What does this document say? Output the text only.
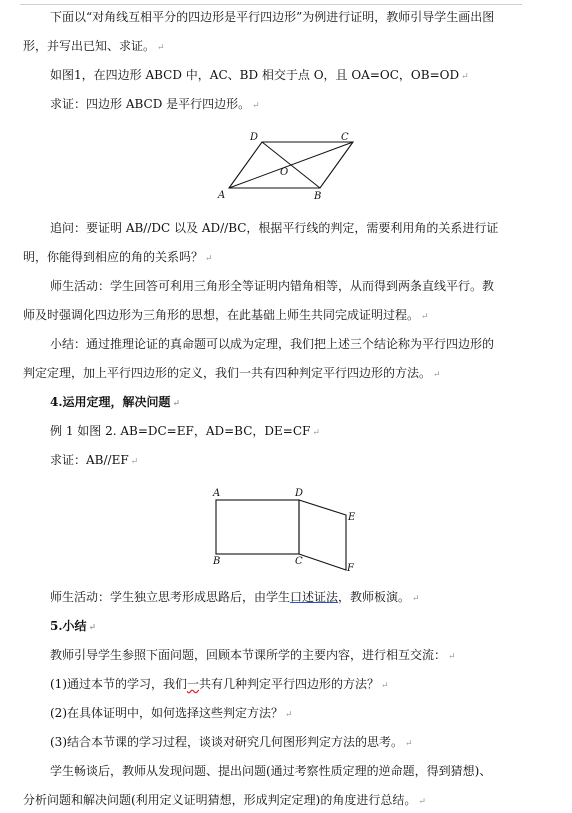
下面以“对角线互相平分的四边形是平行四边形”为例进行证明，教师引导学生画出图
形，并写出已知、求证。 ↵
如图1，在四边形 ABCD 中，AC、BD 相交于点 O，且 OA=OC，OB=OD ↵
求证：四边形 ABCD 是平行四边形。 ↵
A	B
C
D
O
追问：要证明 AB//DC 以及 AD//BC，根据平行线的判定，需要利用角的关系进行证
明，你能得到相应的角的关系吗？ ↵
师生活动：学生回答可利用三角形全等证明内错角相等，从而得到两条直线平行。教
师及时强调化四边形为三角形的思想，在此基础上师生共同完成证明过程。 ↵
小结：通过推理论证的真命题可以成为定理，我们把上述三个结论称为平行四边形的
判定定理，加上平行四边形的定义，我们一共有四种判定平行四边形的方法。 ↵
4.运用定理，解决问题 ↵
例 1 如图 2. AB=DC=EF，AD=BC，DE=CF ↵
求证：AB//EF ↵
A
B	C
D
E
F
师生活动：学生独立思考形成思路后，由学生口述证法，教师板演。 ↵
5.小结 ↵
教师引导学生参照下面问题，回顾本节课所学的主要内容，进行相互交流： ↵
(1)通过本节的学习，我们一共有几种判定平行四边形的方法？ ↵
(2)在具体证明中，如何选择这些判定方法？ ↵
(3)结合本节课的学习过程，谈谈对研究几何图形判定方法的思考。 ↵
学生畅谈后，教师从发现问题、提出问题(通过考察性质定理的逆命题，得到猜想)、
分析问题和解决问题(利用定义证明猜想，形成判定定理)的角度进行总结。 ↵
